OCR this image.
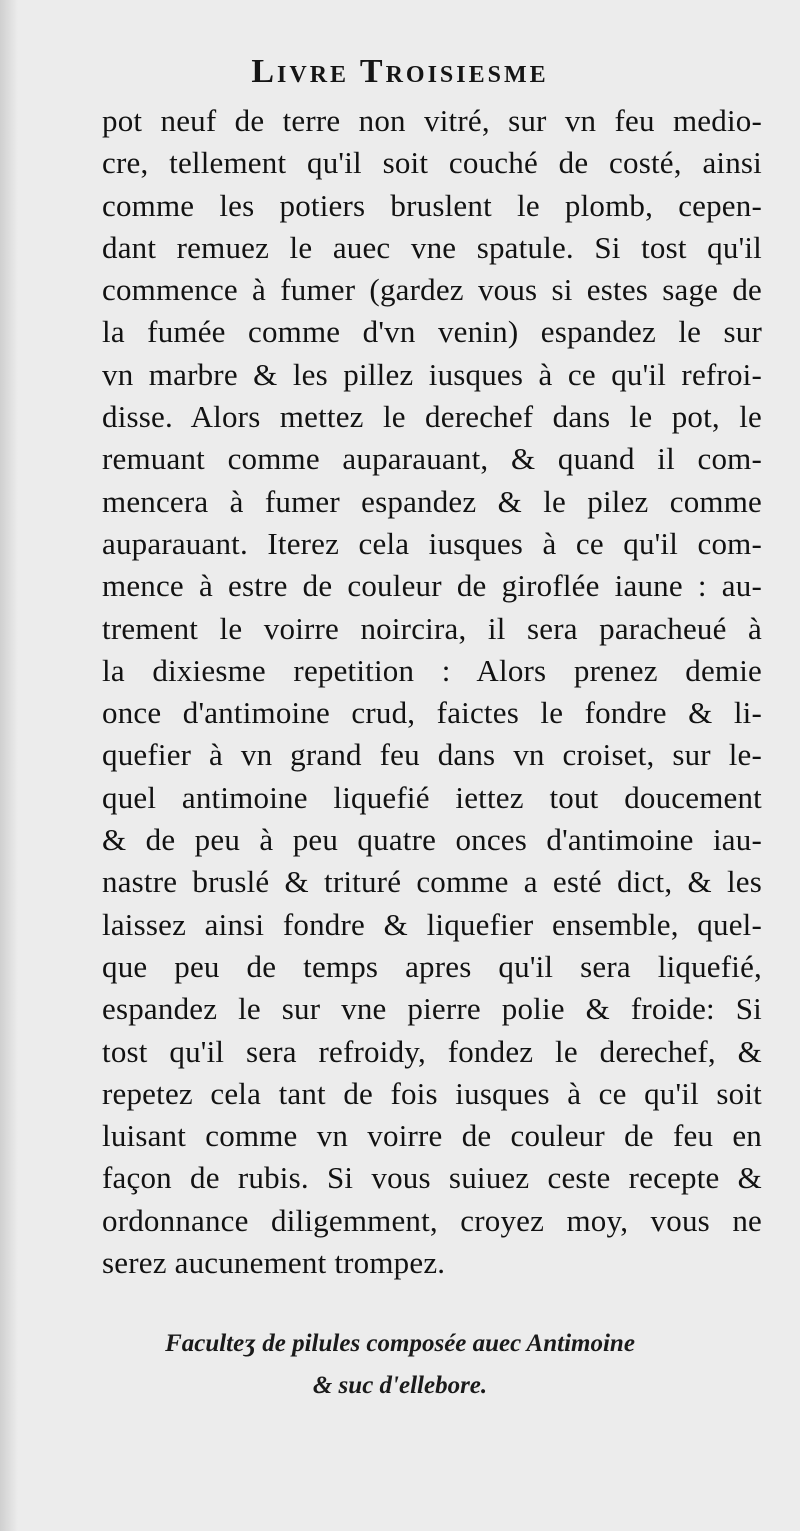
Livre Troisiesme
pot neuf de terre non vitré, sur vn feu medio-
cre, tellement qu'il soit couché de costé, ainsi
comme les potiers bruslent le plomb, cepen-
dant remuez le auec vne spatule. Si tost qu'il
commence à fumer (gardez vous si estes sage de
la fumée comme d'vn venin) espandez le sur
vn marbre & les pillez iusques à ce qu'il refroi-
disse. Alors mettez le derechef dans le pot, le
remuant comme auparauant, & quand il com-
mencera à fumer espandez & le pilez comme
auparauant. Iterez cela iusques à ce qu'il com-
mence à estre de couleur de giroflée iaune : au-
trement le voirre noircira, il sera paracheué à
la dixiesme repetition : Alors prenez demie
once d'antimoine crud, faictes le fondre & li-
quefier à vn grand feu dans vn croiset, sur le-
quel antimoine liquefié iettez tout doucement
& de peu à peu quatre onces d'antimoine iau-
nastre bruslé & trituré comme a esté dict, & les
laissez ainsi fondre & liquefier ensemble, quel-
que peu de temps apres qu'il sera liquefié,
espandez le sur vne pierre polie & froide: Si
tost qu'il sera refroidy, fondez le derechef, &
repetez cela tant de fois iusques à ce qu'il soit
luisant comme vn voirre de couleur de feu en
façon de rubis. Si vous suiuez ceste recepte &
ordonnance diligemment, croyez moy, vous ne
serez aucunement trompez.
Faculteʒ de pilules composée auec Antimoine
& suc d'ellebore.
